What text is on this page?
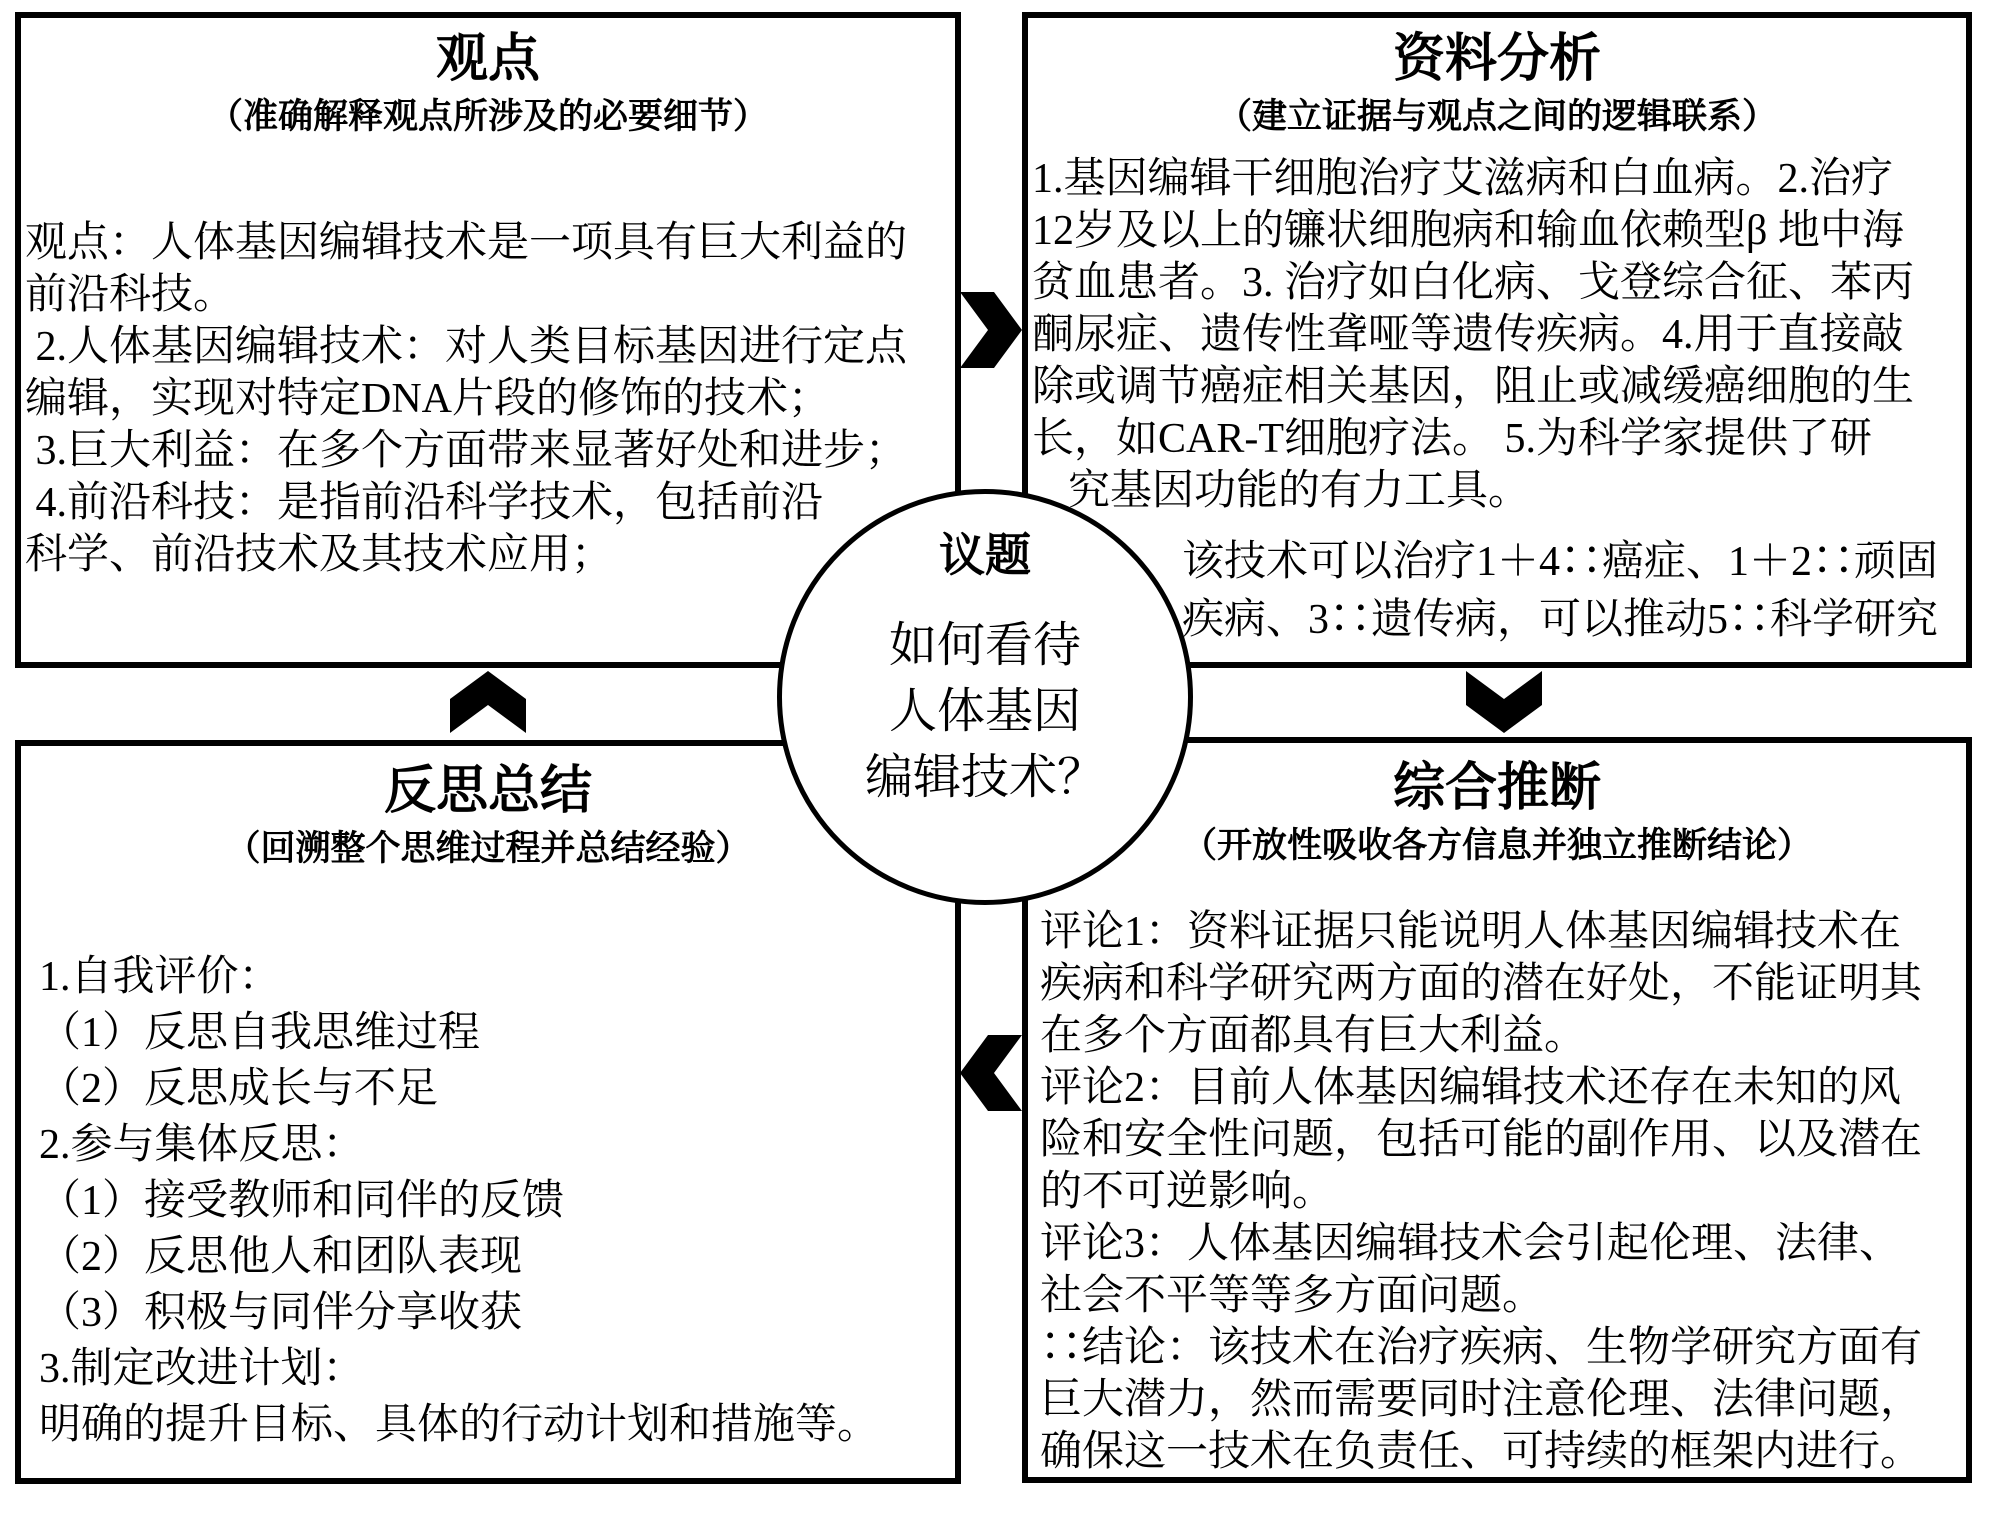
观点
（准确解释观点所涉及的必要细节）
观点：人体基因编辑技术是一项具有巨大利益的
前沿科技。
2.人体基因编辑技术：对人类目标基因进行定点
编辑，实现对特定DNA片段的修饰的技术；
3.巨大利益：在多个方面带来显著好处和进步；
4.前沿科技：是指前沿科学技术，包括前沿
科学、前沿技术及其技术应用；
资料分析
（建立证据与观点之间的逻辑联系）
1.基因编辑干细胞治疗艾滋病和白血病。2.治疗
12岁及以上的镰状细胞病和输血依赖型β 地中海
贫血患者。3. 治疗如白化病、戈登综合征、苯丙
酮尿症、遗传性聋哑等遗传疾病。4.用于直接敲
除或调节癌症相关基因，阻止或减缓癌细胞的生
长，如CAR-T细胞疗法。 5.为科学家提供了研
究基因功能的有力工具。
该技术可以治疗1＋4∷癌症、1＋2∷顽固
疾病、3∷遗传病，可以推动5∷科学研究
反思总结
（回溯整个思维过程并总结经验）
1.自我评价：
（1）反思自我思维过程
（2）反思成长与不足
2.参与集体反思：
（1）接受教师和同伴的反馈
（2）反思他人和团队表现
（3）积极与同伴分享收获
3.制定改进计划：
明确的提升目标、具体的行动计划和措施等。
综合推断
（开放性吸收各方信息并独立推断结论）
评论1：资料证据只能说明人体基因编辑技术在
疾病和科学研究两方面的潜在好处，不能证明其
在多个方面都具有巨大利益。
评论2：目前人体基因编辑技术还存在未知的风
险和安全性问题，包括可能的副作用、以及潜在
的不可逆影响。
评论3：人体基因编辑技术会引起伦理、法律、
社会不平等等多方面问题。
∷结论：该技术在治疗疾病、生物学研究方面有
巨大潜力，然而需要同时注意伦理、法律问题，
确保这一技术在负责任、可持续的框架内进行。
议题
如何看待
人体基因
编辑技术？
